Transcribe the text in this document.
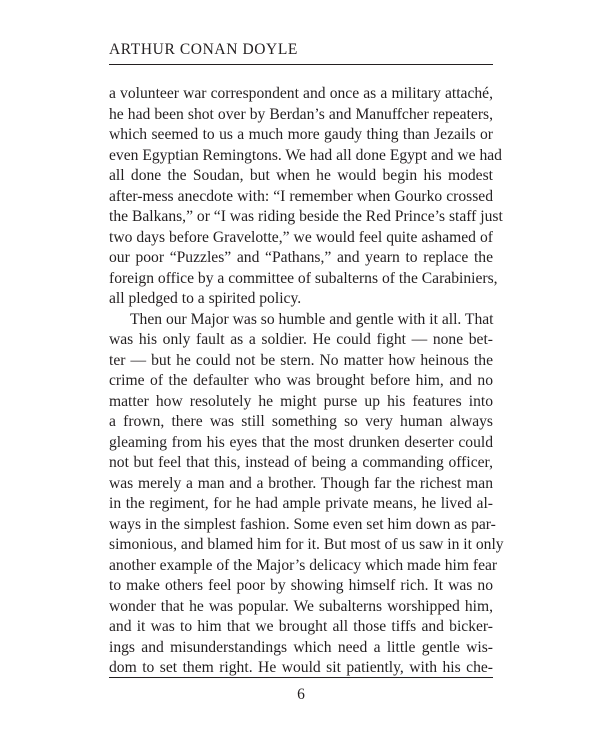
ARTHUR CONAN DOYLE
a volunteer war correspondent and once as a military attaché,
he had been shot over by Berdan’s and Manuffcher repeaters,
which seemed to us a much more gaudy thing than Jezails or
even Egyptian Remingtons. We had all done Egypt and we had
all done the Soudan, but when he would begin his modest
after-mess anecdote with: “I remember when Gourko crossed
the Balkans,” or “I was riding beside the Red Prince’s staff just
two days before Gravelotte,” we would feel quite ashamed of
our poor “Puzzles” and “Pathans,” and yearn to replace the
foreign office by a committee of subalterns of the Carabiniers,
all pledged to a spirited policy.
Then our Major was so humble and gentle with it all. That
was his only fault as a soldier. He could fight — none bet-
ter — but he could not be stern. No matter how heinous the
crime of the defaulter who was brought before him, and no
matter how resolutely he might purse up his features into
a frown, there was still something so very human always
gleaming from his eyes that the most drunken deserter could
not but feel that this, instead of being a commanding officer,
was merely a man and a brother. Though far the richest man
in the regiment, for he had ample private means, he lived al-
ways in the simplest fashion. Some even set him down as par-
simonious, and blamed him for it. But most of us saw in it only
another example of the Major’s delicacy which made him fear
to make others feel poor by showing himself rich. It was no
wonder that he was popular. We subalterns worshipped him,
and it was to him that we brought all those tiffs and bicker-
ings and misunderstandings which need a little gentle wis-
dom to set them right. He would sit patiently, with his che-
6
